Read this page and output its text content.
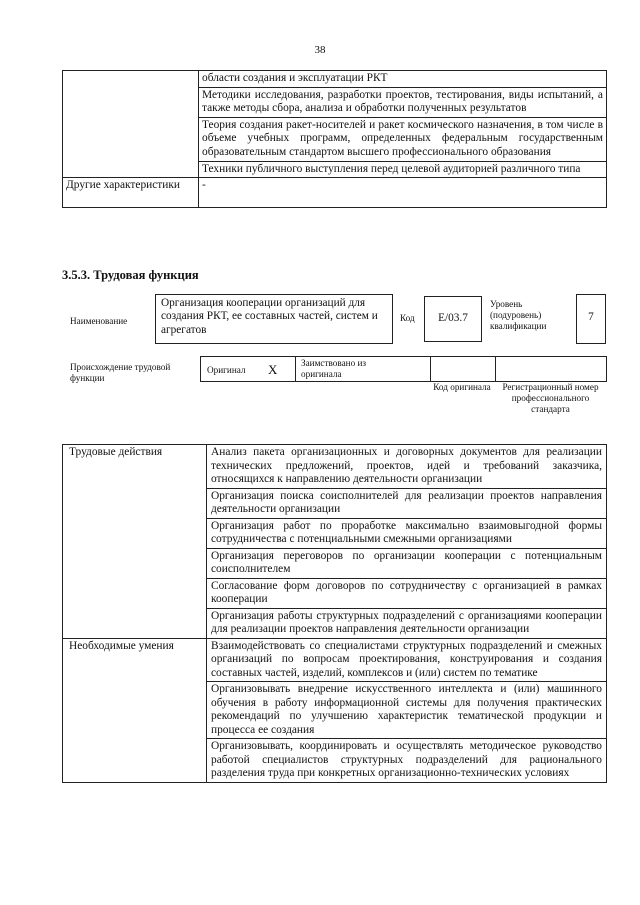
38
	области создания и эксплуатации РКТ
	Методики исследования, разработки проектов, тестирования, виды испытаний, а также методы сбора, анализа и обработки полученных результатов
	Теория создания ракет-носителей и ракет космического назначения, в том числе в объеме учебных программ, определенных федеральным государственным образовательным стандартом высшего профессионального образования
	Техники публичного выступления перед целевой аудиторией различного типа
Другие характеристики	-
3.5.3. Трудовая функция
Наименование
Организация кооперации организаций для создания РКТ, ее составных частей, систем и агрегатов
Код	E/03.7
Уровень (подуровень) квалификации
7
Происхождение трудовой функции
Оригинал X	Заимствовано из оригинала
Код оригинала	Регистрационный номер профессионального стандарта
Трудовые действия	Анализ пакета организационных и договорных документов для реализации технических предложений, проектов, идей и требований заказчика, относящихся к направлению деятельности организации
	Организация поиска соисполнителей для реализации проектов направления деятельности организации
	Организация работ по проработке максимально взаимовыгодной формы сотрудничества с потенциальными смежными организациями
	Организация переговоров по организации кооперации с потенциальным соисполнителем
	Согласование форм договоров по сотрудничеству с организацией в рамках кооперации
	Организация работы структурных подразделений с организациями кооперации для реализации проектов направления деятельности организации
Необходимые умения	Взаимодействовать со специалистами структурных подразделений и смежных организаций по вопросам проектирования, конструирования и создания составных частей, изделий, комплексов и (или) систем по тематике
	Организовывать внедрение искусственного интеллекта и (или) машинного обучения в работу информационной системы для получения практических рекомендаций по улучшению характеристик тематической продукции и процесса ее создания
	Организовывать, координировать и осуществлять методическое руководство работой специалистов структурных подразделений для рационального разделения труда при конкретных организационно-технических условиях
